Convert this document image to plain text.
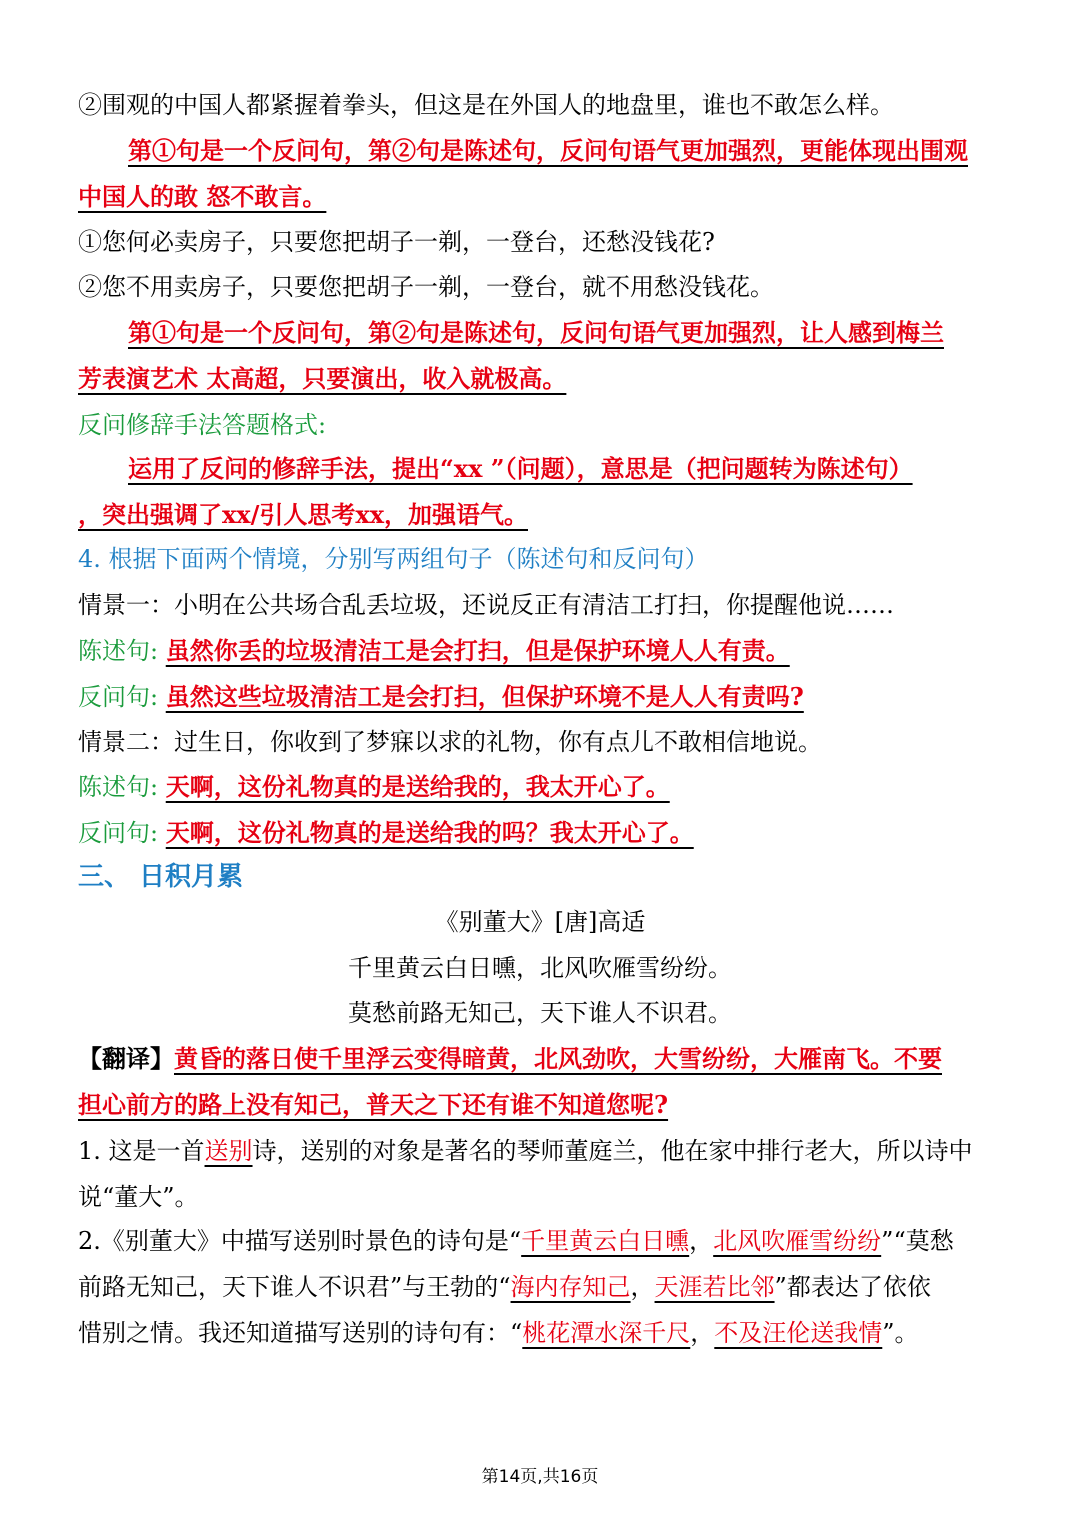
②围观的中国人都紧握着拳头，但这是在外国人的地盘里，谁也不敢怎么样。
第①句是一个反问句，第②句是陈述句，反问句语气更加强烈，更能体现出围观
中国人的敢 怒不敢言。
①您何必卖房子，只要您把胡子一剃，一登台，还愁没钱花?
②您不用卖房子，只要您把胡子一剃，一登台，就不用愁没钱花。
第①句是一个反问句，第②句是陈述句，反问句语气更加强烈，让人感到梅兰
芳表演艺术 太高超，只要演出，收入就极高。
反问修辞手法答题格式:
运用了反问的修辞手法，提出“xx ”（问题），意思是（把问题转为陈述句）
，突出强调了xx/引人思考xx，加强语气。
4. 根据下面两个情境，分别写两组句子（陈述句和反问句）
情景一：小明在公共场合乱丢垃圾，还说反正有清洁工打扫，你提醒他说……
陈述句: 虽然你丢的垃圾清洁工是会打扫，但是保护环境人人有责。
反问句: 虽然这些垃圾清洁工是会打扫，但保护环境不是人人有责吗?
情景二：过生日，你收到了梦寐以求的礼物，你有点儿不敢相信地说。
陈述句: 天啊，这份礼物真的是送给我的，我太开心了。
反问句: 天啊，这份礼物真的是送给我的吗？我太开心了。
三、 日积月累
《别董大》[唐]高适
千里黄云白日曛，北风吹雁雪纷纷。
莫愁前路无知己，天下谁人不识君。
【翻译】黄昏的落日使千里浮云变得暗黄，北风劲吹，大雪纷纷，大雁南飞。不要
担心前方的路上没有知己，普天之下还有谁不知道您呢?
1. 这是一首送别诗，送别的对象是著名的琴师董庭兰，他在家中排行老大，所以诗中
说“董大”。
2.《别董大》中描写送别时景色的诗句是“千里黄云白日曛，北风吹雁雪纷纷”“莫愁
前路无知己，天下谁人不识君”与王勃的“海内存知己，天涯若比邻”都表达了依依
惜别之情。我还知道描写送别的诗句有：“桃花潭水深千尺，不及汪伦送我情”。
第14页,共16页
